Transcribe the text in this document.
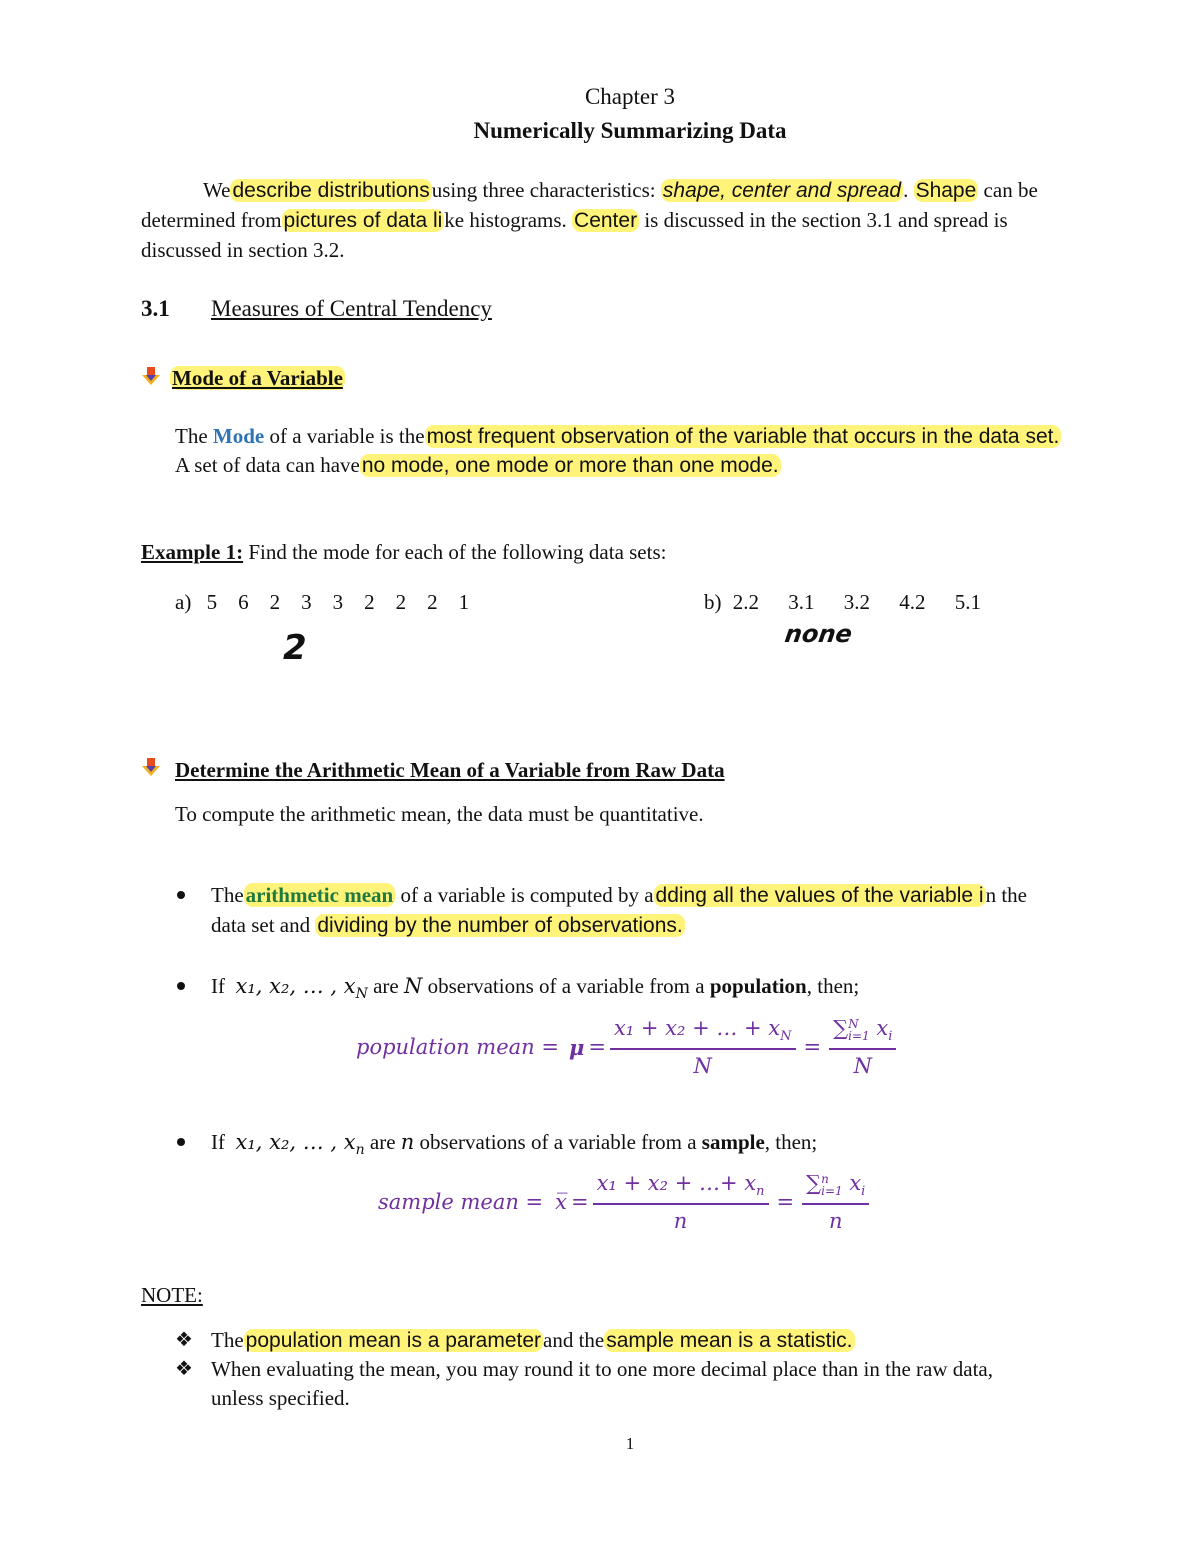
Chapter 3
Numerically Summarizing Data
Wedescribe distributionsusing three characteristics: shape, center and spread. Shape can be
determined frompictures of data like histograms. Center is discussed in the section 3.1 and spread is
discussed in section 3.2.
3.1 Measures of Central Tendency
Mode of a Variable
The Mode of a variable is themost frequent observation of the variable that occurs in the data set.
A set of data can haveno mode, one mode or more than one mode.
Example 1: Find the mode for each of the following data sets:
a) 5 6 2 3 3 2 2 2 1	b) 2.2 3.1 3.2 4.2 5.1
2	none
Determine the Arithmetic Mean of a Variable from Raw Data
To compute the arithmetic mean, the data must be quantitative.
Thearithmetic mean of a variable is computed by adding all the values of the variable in the
data set and dividing by the number of observations.
If x₁, x₂, … , $x_N$ are N observations of a variable from a population, then;
population mean = $\mu = \frac{x_1 + x_2 + \dots + x_N}{N}$ = ∑ N
i=1 $x_i$
N
If x₁, x₂, … , $x_n$ are n observations of a variable from a sample, then;
sample mean = x̅ = $\frac{x_1 + x_2 + \dots+ x_n}{n}$ = ∑ n
i=1 $x_i$
n
NOTE:
❖ Thepopulation mean is a parameterand thesample mean is a statistic.
❖ When evaluating the mean, you may round it to one more decimal place than in the raw data,
unless specified.
1
